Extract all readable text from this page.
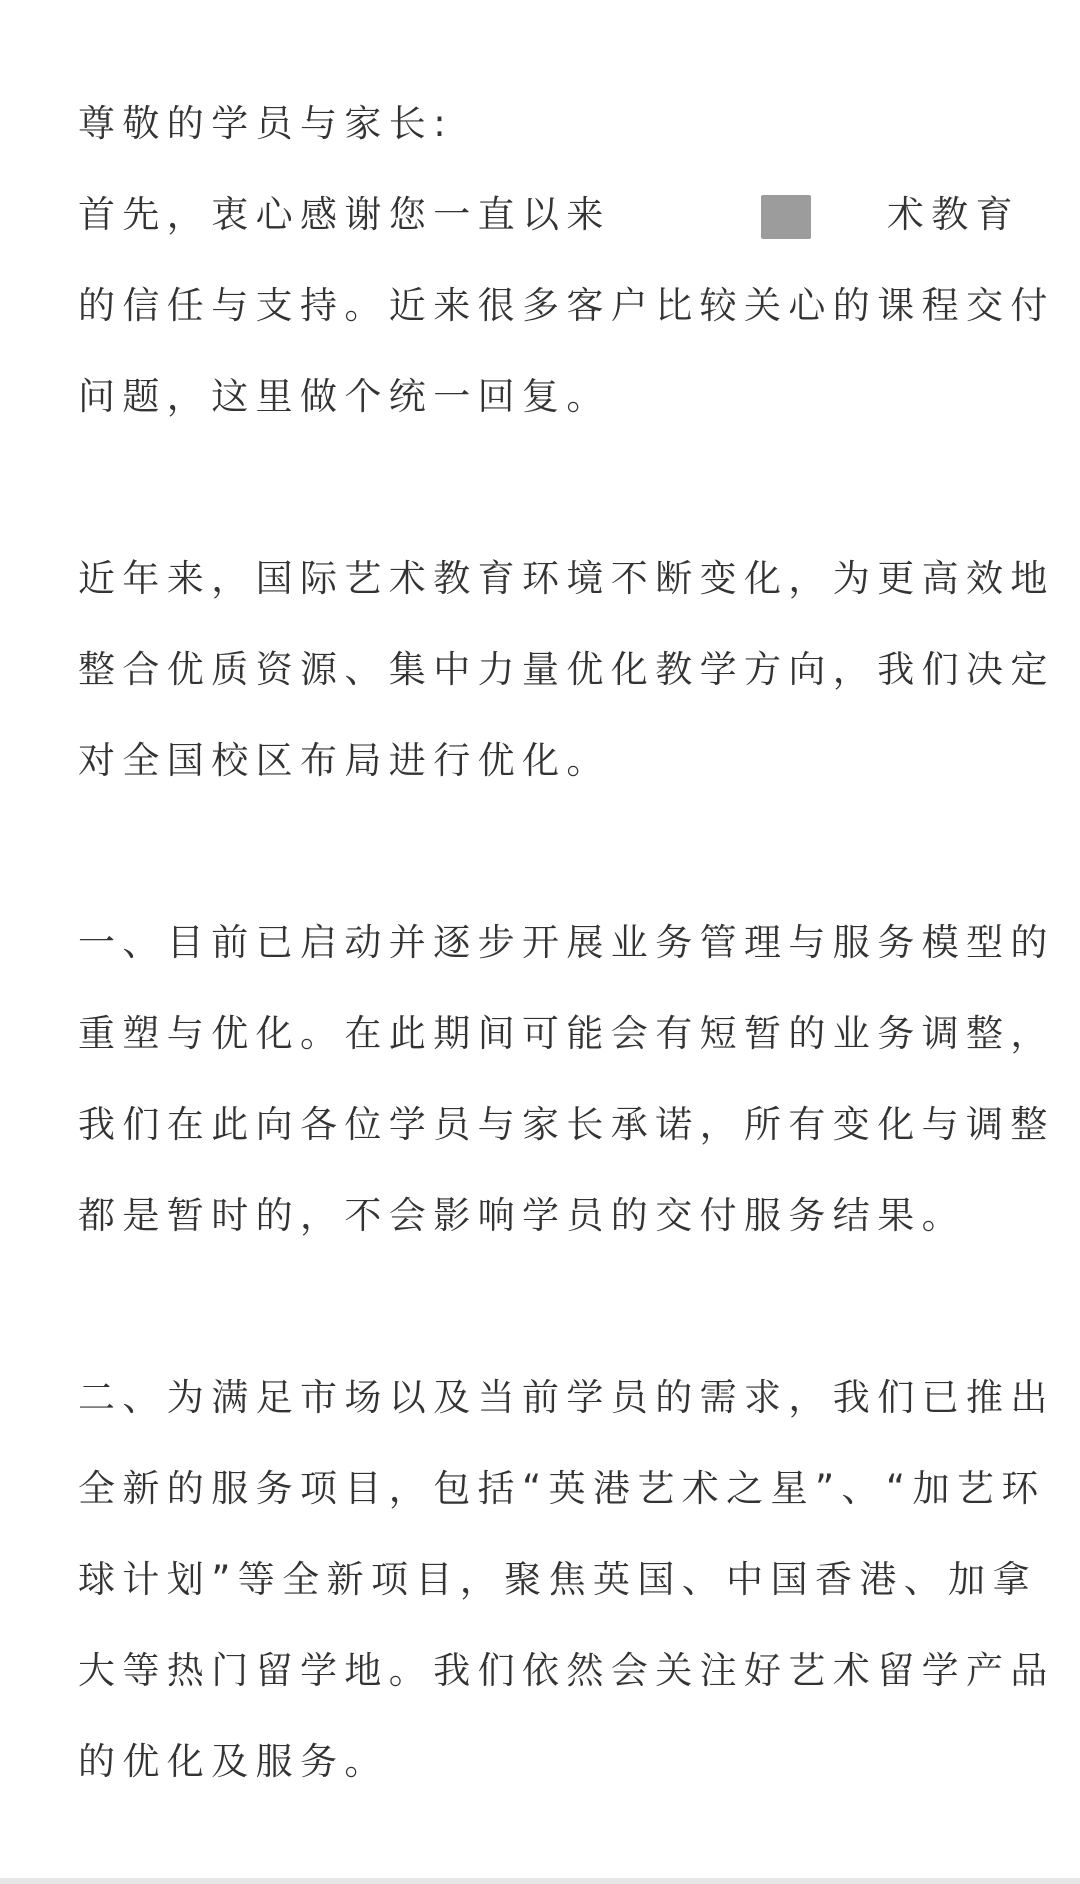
尊敬的学员与家长:
首先，衷心感谢您一直以来	术教育
的信任与支持。近来很多客户比较关心的课程交付
问题，这里做个统一回复。
近年来，国际艺术教育环境不断变化，为更高效地
整合优质资源、集中力量优化教学方向，我们决定
对全国校区布局进行优化。
一、目前已启动并逐步开展业务管理与服务模型的
重塑与优化。在此期间可能会有短暂的业务调整，
我们在此向各位学员与家长承诺，所有变化与调整
都是暂时的，不会影响学员的交付服务结果。
二、为满足市场以及当前学员的需求，我们已推出
全新的服务项目，包括“英港艺术之星”、“加艺环
球计划”等全新项目，聚焦英国、中国香港、加拿
大等热门留学地。我们依然会关注好艺术留学产品
的优化及服务。
